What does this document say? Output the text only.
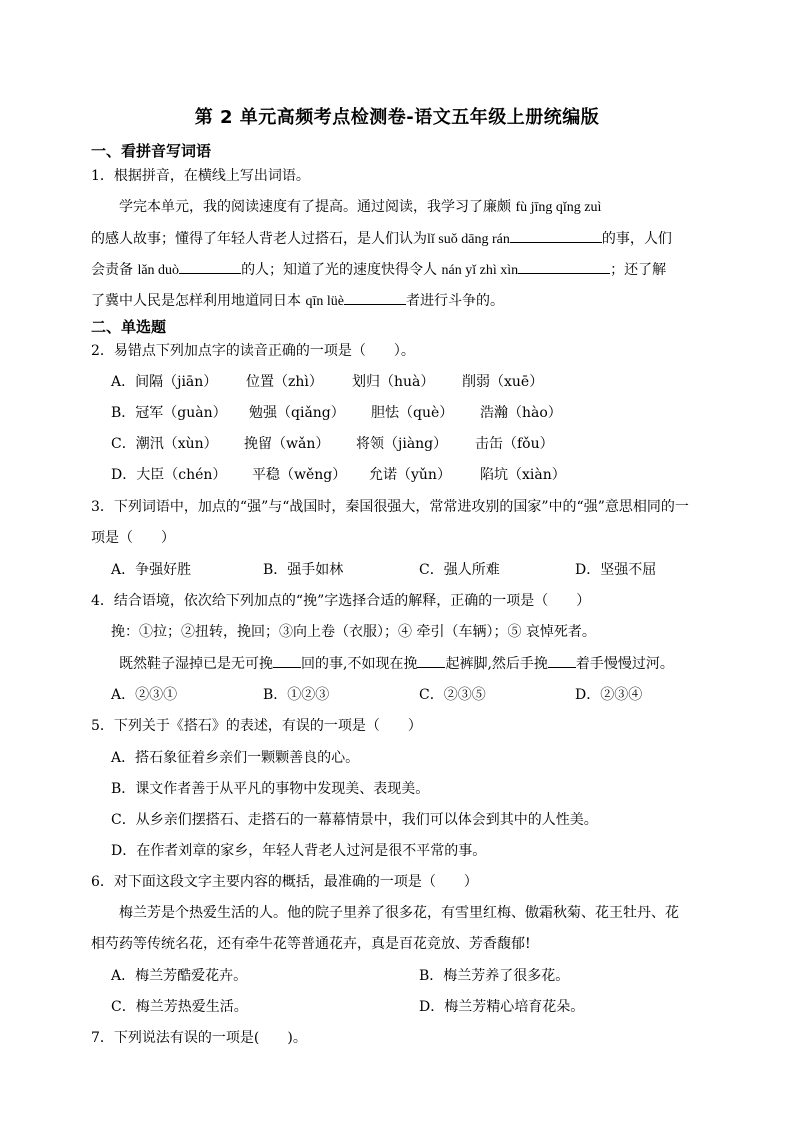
第 2 单元高频考点检测卷-语文五年级上册统编版
一、看拼音写词语
1．根据拼音，在横线上写出词语。
学完本单元，我的阅读速度有了提高。通过阅读，我学习了廉颇 fù jīng qǐng zuì
的感人故事；懂得了年轻人背老人过搭石，是人们认为lǐ suǒ dāng rán	的事，人们
会责备 lǎn duò	的人；知道了光的速度快得令人 nán yǐ zhì xìn	；还了解
了冀中人民是怎样利用地道同日本 qīn lüè	者进行斗争的。
二、单选题
2．易错点下列加点字的读音正确的一项是（　　）。
A．间隔（jiān） 位置（zhì） 划归（huà） 削弱（xuē）
B．冠军（guàn） 勉强（qiǎng） 胆怯（què） 浩瀚（hào）
C．潮汛（xùn） 挽留（wǎn） 将领（jiàng） 击缶（fǒu）
D．大臣（chén） 平稳（wěng） 允诺（yǔn） 陷坑（xiàn）
3．下列词语中，加点的“强”与“战国时，秦国很强大，常常进攻别的国家”中的“强”意思相同的一
项是（　　）
A．争强好胜	B．强手如林	C．强人所难	D．坚强不屈
4．结合语境，依次给下列加点的“挽”字选择合适的解释，正确的一项是（　　）
挽：①拉；②扭转，挽回；③向上卷（衣服）；④ 牵引（车辆）；⑤ 哀悼死者。
既然鞋子湿掉已是无可挽 回的事,不如现在挽 起裤脚,然后手挽 着手慢慢过河。
A．②③①	B．①②③	C．②③⑤	D．②③④
5．下列关于《搭石》的表述，有误的一项是（　　）
A．搭石象征着乡亲们一颗颗善良的心。
B．课文作者善于从平凡的事物中发现美、表现美。
C．从乡亲们摆搭石、走搭石的一幕幕情景中，我们可以体会到其中的人性美。
D．在作者刘章的家乡，年轻人背老人过河是很不平常的事。
6．对下面这段文字主要内容的概括，最准确的一项是（　　）
梅兰芳是个热爱生活的人。他的院子里养了很多花，有雪里红梅、傲霜秋菊、花王牡丹、花
相芍药等传统名花，还有牵牛花等普通花卉，真是百花竞放、芳香馥郁!
A．梅兰芳酷爱花卉。	B．梅兰芳养了很多花。
C．梅兰芳热爱生活。	D．梅兰芳精心培育花朵。
7．下列说法有误的一项是(　　)。
